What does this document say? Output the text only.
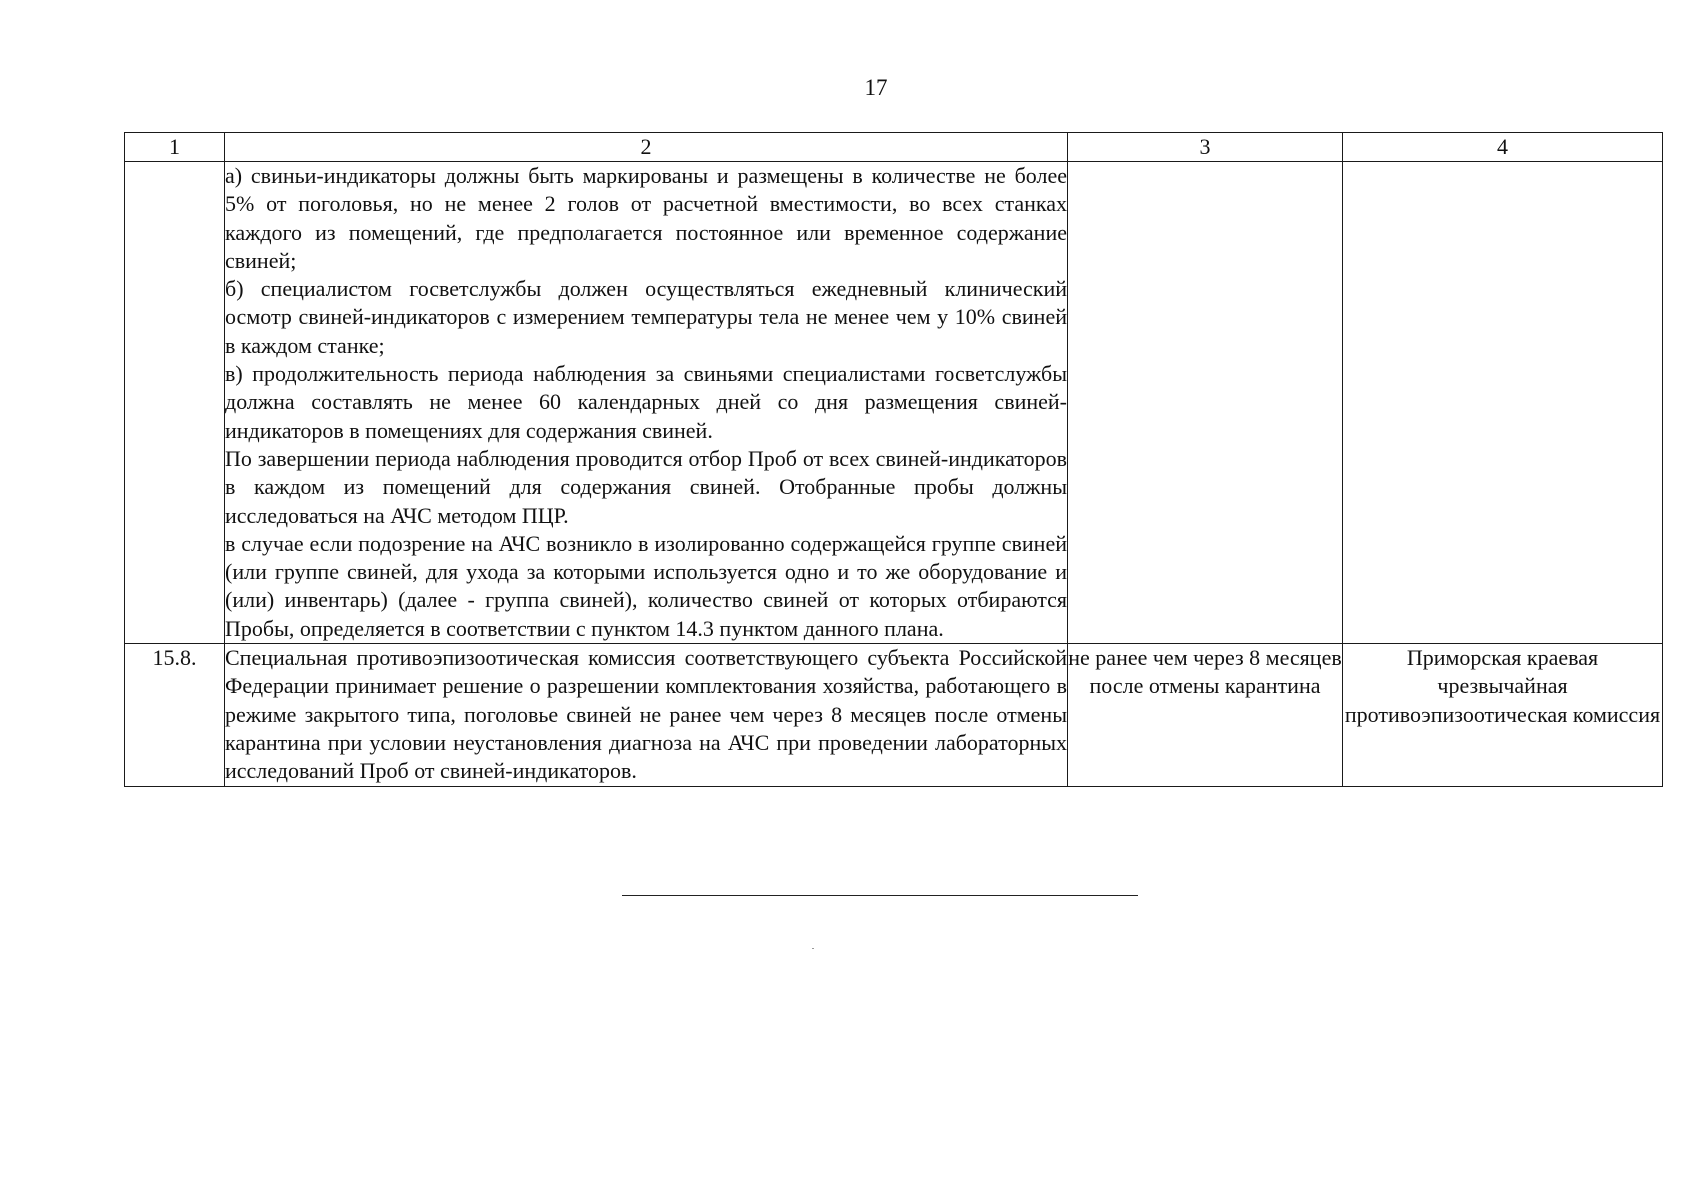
17
1	2	3	4

	а) свиньи-индикаторы должны быть маркированы и размещены в количестве не более 5% от поголовья, но не менее 2 голов от расчетной вместимости, во всех станках каждого из помещений, где предполагается постоянное или временное содержание свиней;

б) специалистом госветслужбы должен осуществляться ежедневный клинический осмотр свиней-индикаторов с измерением температуры тела не менее чем у 10% свиней в каждом станке;

в) продолжительность периода наблюдения за свиньями специалистами госветслужбы должна составлять не менее 60 календарных дней со дня размещения свиней-индикаторов в помещениях для содержания свиней.

По завершении периода наблюдения проводится отбор Проб от всех свиней-индикаторов в каждом из помещений для содержания свиней. Отобранные пробы должны исследоваться на АЧС методом ПЦР.

в случае если подозрение на АЧС возникло в изолированно содержащейся группе свиней (или группе свиней, для ухода за которыми используется одно и то же оборудование и (или) инвентарь) (далее - группа свиней), количество свиней от которых отбираются Пробы, определяется в соответствии с пунктом 14.3 пунктом данного плана.		

15.8.	Специальная противоэпизоотическая комиссия соответствующего субъекта Российской Федерации принимает решение о разрешении комплектования хозяйства, работающего в режиме закрытого типа, поголовье свиней не ранее чем через 8 месяцев после отмены карантина при условии неустановления диагноза на АЧС при проведении лабораторных исследований Проб от свиней-индикаторов.	не ранее чем через 8 месяцев после отмены карантина	Приморская краевая чрезвычайная противоэпизоотическая комиссия
